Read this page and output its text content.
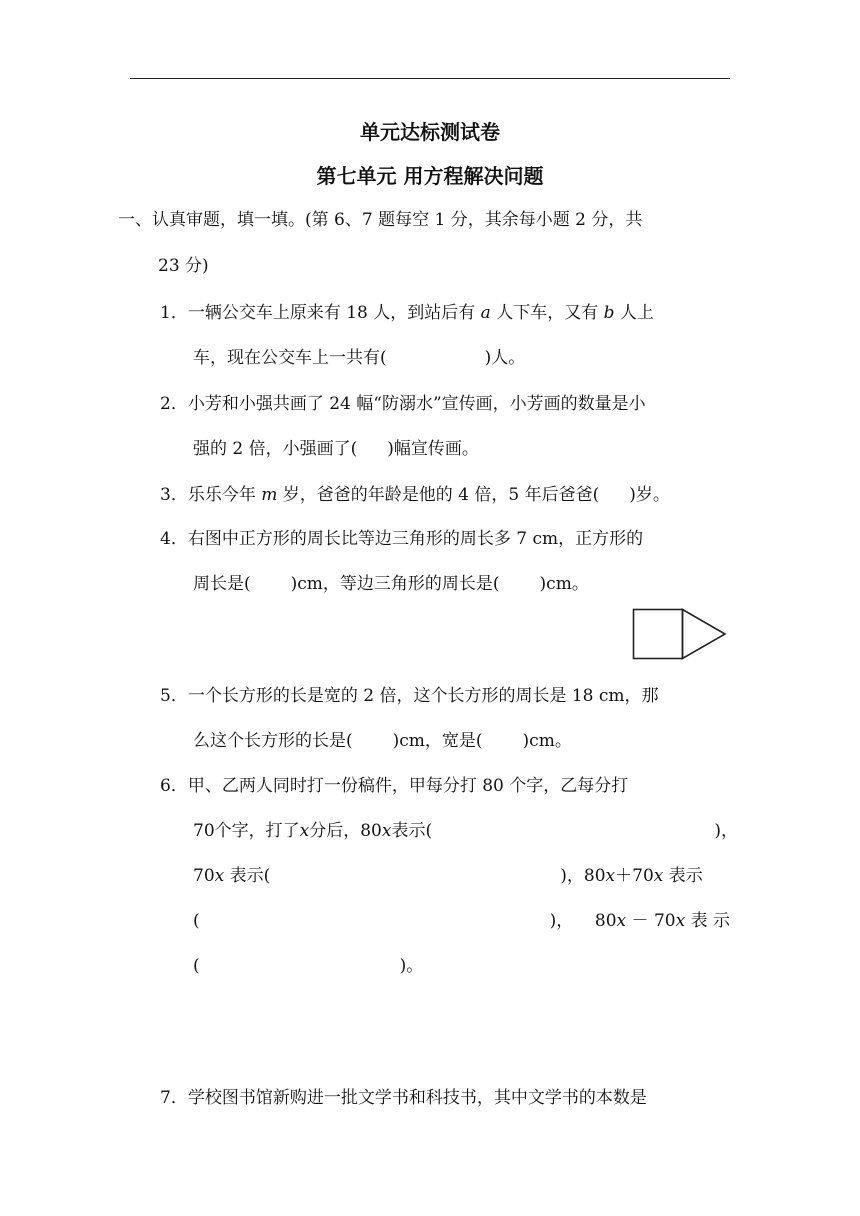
单元达标测试卷
第七单元 用方程解决问题
一、认真审题，填一填。(第 6、7 题每空 1 分，其余每小题 2 分，共
23 分)
1．一辆公交车上原来有 18 人，到站后有 a 人下车，又有 b 人上
车，现在公交车上一共有(	)人。
2．小芳和小强共画了 24 幅“防溺水”宣传画，小芳画的数量是小
强的 2 倍，小强画了( )幅宣传画。
3．乐乐今年 m 岁，爸爸的年龄是他的 4 倍，5 年后爸爸( )岁。
4．右图中正方形的周长比等边三角形的周长多 7 cm，正方形的
周长是( )cm，等边三角形的周长是( )cm。
5．一个长方形的长是宽的 2 倍，这个长方形的周长是 18 cm，那
么这个长方形的长是( )cm，宽是( )cm。
6．甲、乙两人同时打一份稿件，甲每分打 80 个字，乙每分打
70个字，打了x分后，80x表示(	)，
70x 表示(	)，80x＋70x 表示
(	)， 80x － 70x 表 示
(	)。
7．学校图书馆新购进一批文学书和科技书，其中文学书的本数是
